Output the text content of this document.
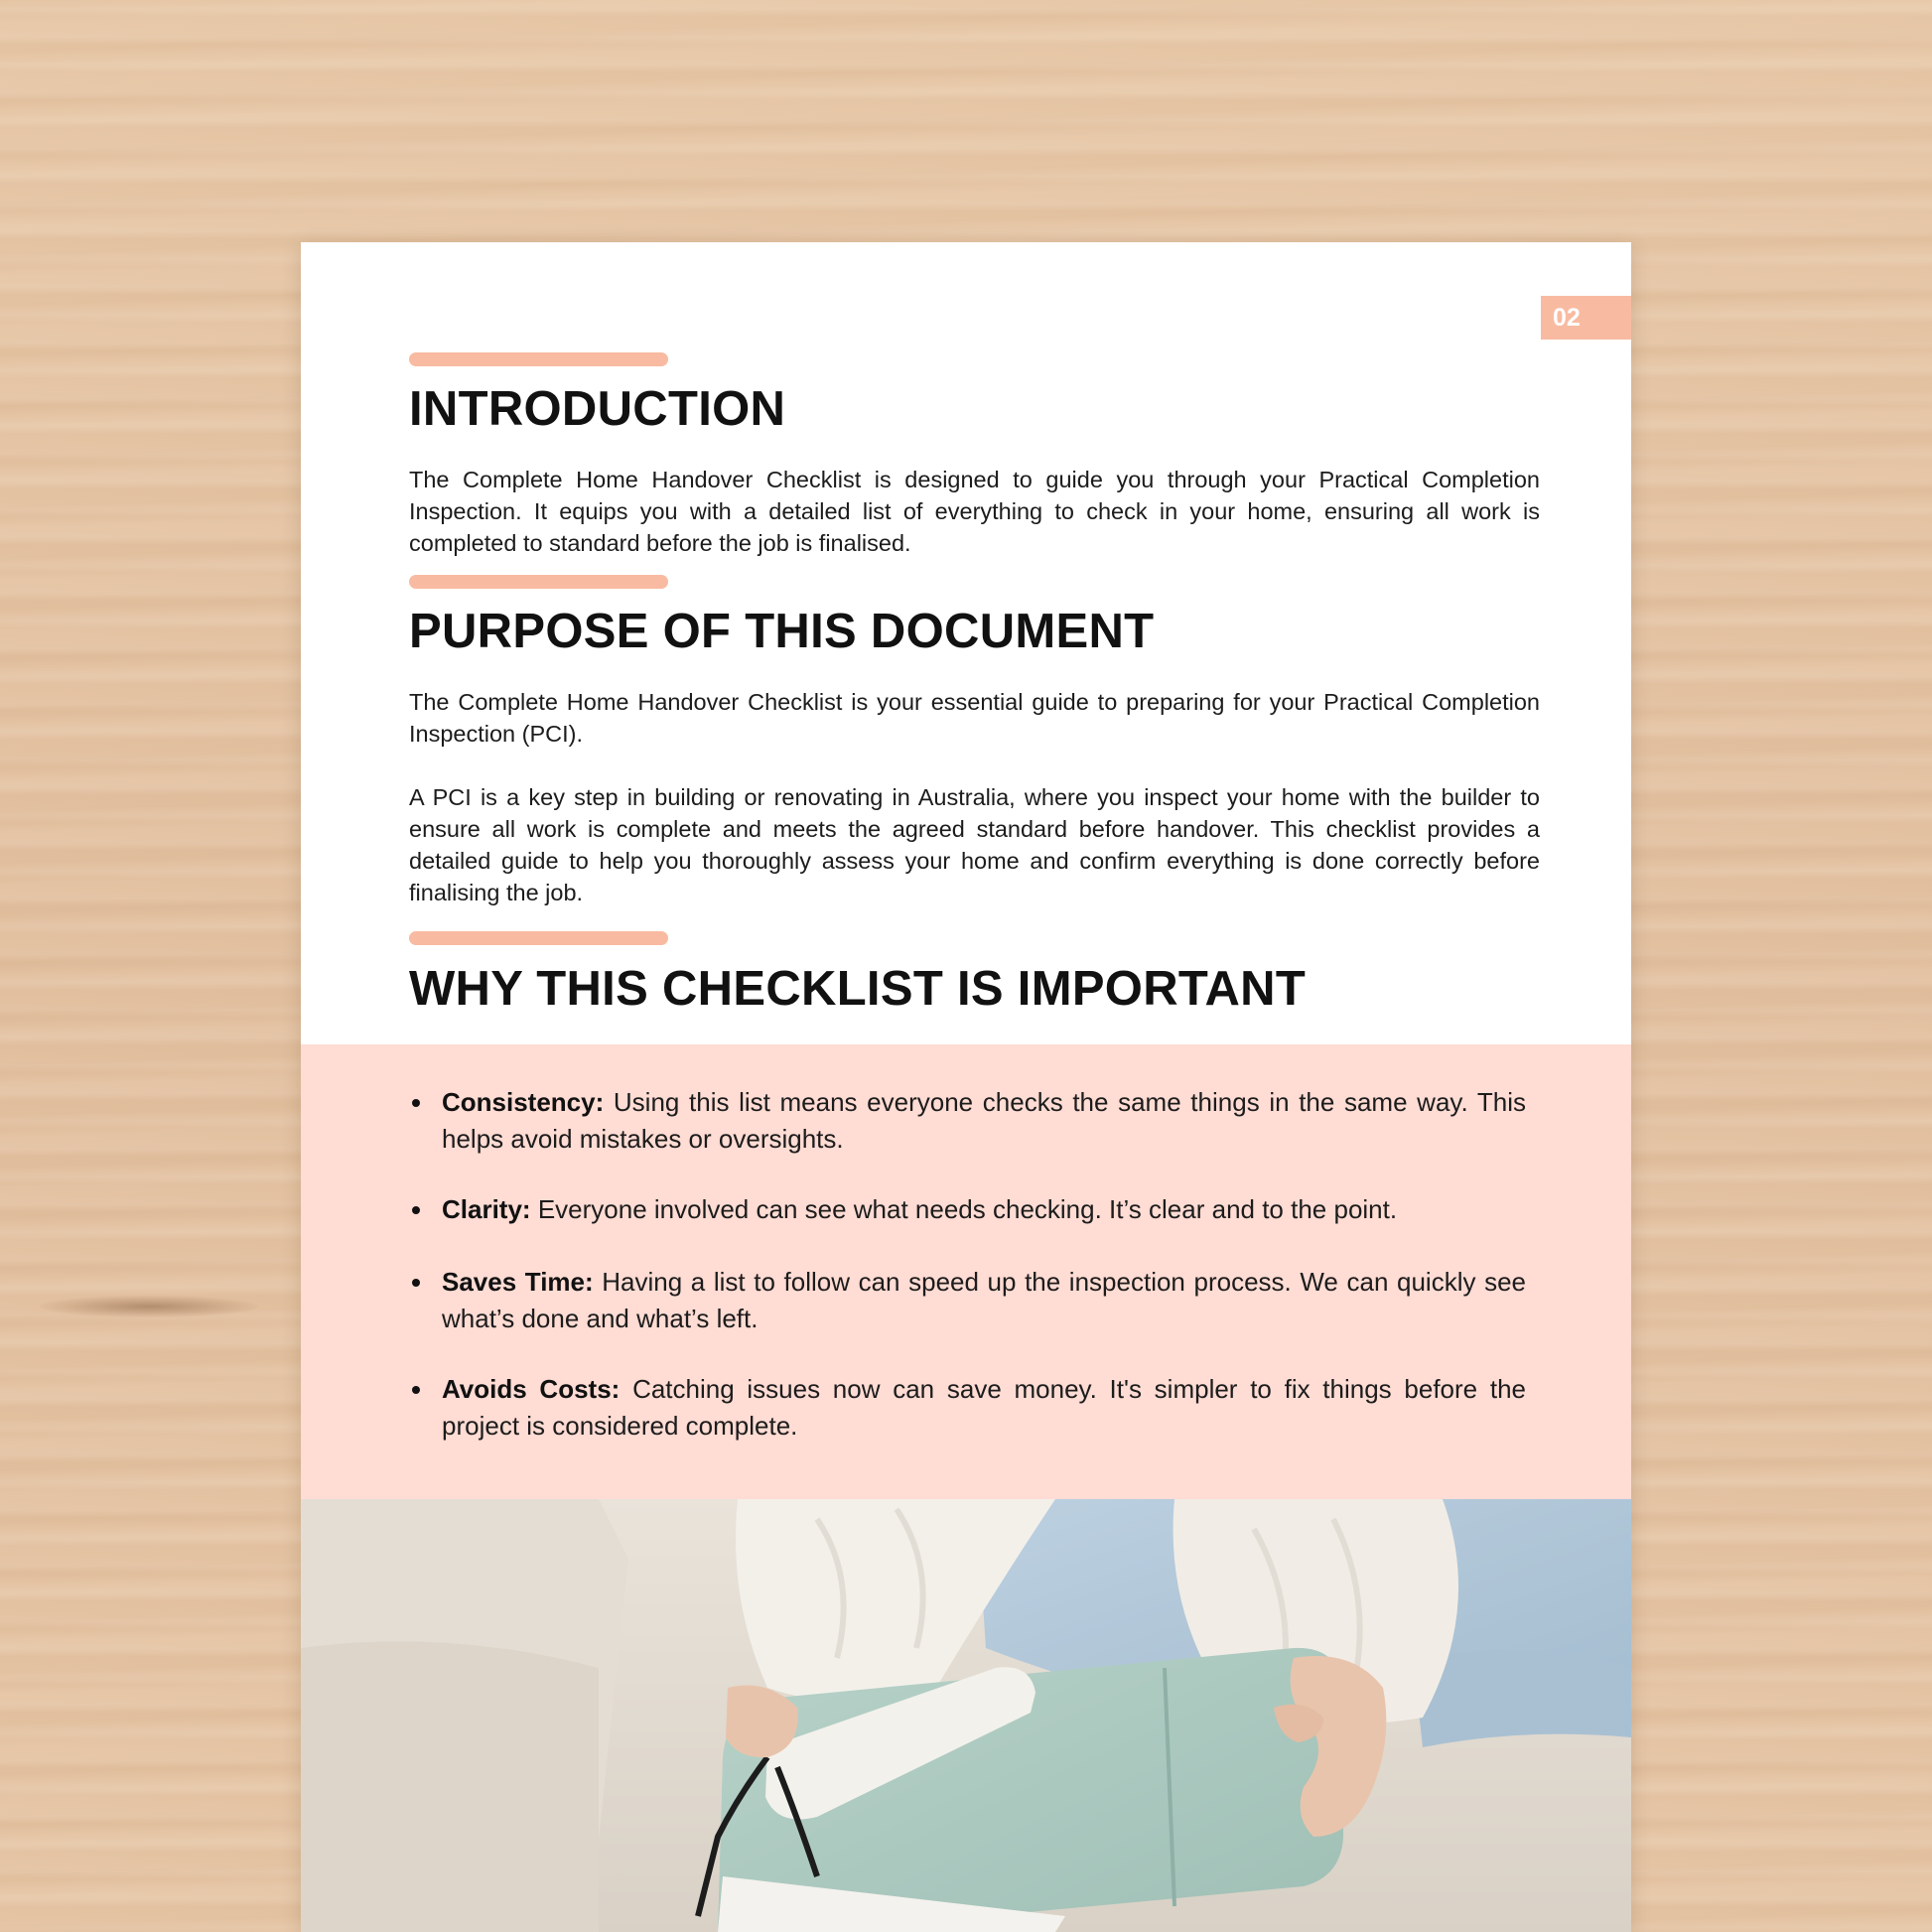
02
INTRODUCTION

The Complete Home Handover Checklist is designed to guide you through your Practical Completion Inspection. It equips you with a detailed list of everything to check in your home, ensuring all work is completed to standard before the job is finalised.

PURPOSE OF THIS DOCUMENT

The Complete Home Handover Checklist is your essential guide to preparing for your Practical Completion Inspection (PCI).

A PCI is a key step in building or renovating in Australia, where you inspect your home with the builder to ensure all work is complete and meets the agreed standard before handover. This checklist provides a detailed guide to help you thoroughly assess your home and confirm everything is done correctly before finalising the job.

WHY THIS CHECKLIST IS IMPORTANT
Consistency: Using this list means everyone checks the same things in the same way. This helps avoid mistakes or oversights.
Clarity: Everyone involved can see what needs checking. It’s clear and to the point.
Saves Time: Having a list to follow can speed up the inspection process. We can quickly see what’s done and what’s left.
Avoids Costs: Catching issues now can save money. It's simpler to fix things before the project is considered complete.
